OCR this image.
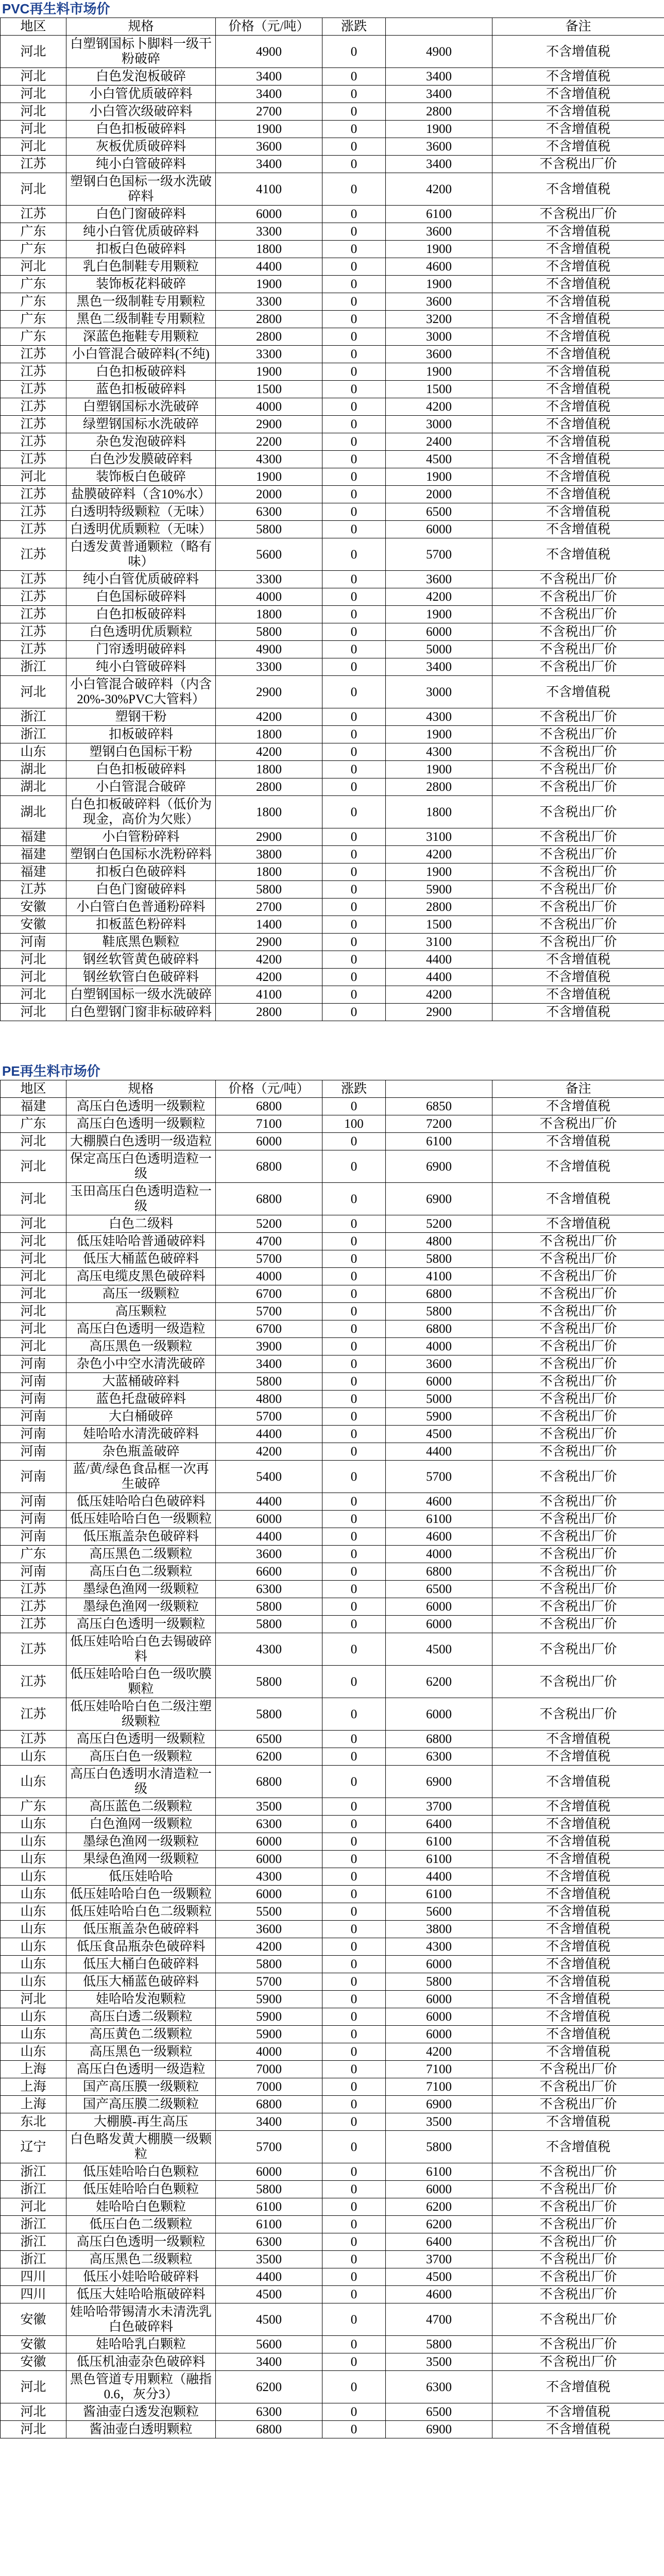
PVC再生料市场价
地区	规格	价格（元/吨）	涨跌		备注
河北	白塑钢国标卜脚料一级干粉破碎	4900	0	4900	不含增值税
河北	白色发泡板破碎	3400	0	3400	不含增值税
河北	小白管优质破碎料	3400	0	3400	不含增值税
河北	小白管次级破碎料	2700	0	2800	不含增值税
河北	白色扣板破碎料	1900	0	1900	不含增值税
河北	灰板优质破碎料	3600	0	3600	不含增值税
江苏	纯小白管破碎料	3400	0	3400	不含税出厂价
河北	塑钢白色国标一级水洗破碎料	4100	0	4200	不含增值税
江苏	白色门窗破碎料	6000	0	6100	不含税出厂价
广东	纯小白管优质破碎料	3300	0	3600	不含增值税
广东	扣板白色破碎料	1800	0	1900	不含增值税
河北	乳白色制鞋专用颗粒	4400	0	4600	不含增值税
广东	装饰板花料破碎	1900	0	1900	不含增值税
广东	黑色一级制鞋专用颗粒	3300	0	3600	不含增值税
广东	黑色二级制鞋专用颗粒	2800	0	3200	不含增值税
广东	深蓝色拖鞋专用颗粒	2800	0	3000	不含增值税
江苏	小白管混合破碎料(不纯)	3300	0	3600	不含增值税
江苏	白色扣板破碎料	1900	0	1900	不含增值税
江苏	蓝色扣板破碎料	1500	0	1500	不含增值税
江苏	白塑钢国标水洗破碎	4000	0	4200	不含增值税
江苏	绿塑钢国标水洗破碎	2900	0	3000	不含增值税
江苏	杂色发泡破碎料	2200	0	2400	不含增值税
江苏	白色沙发膜破碎料	4300	0	4500	不含增值税
河北	装饰板白色破碎	1900	0	1900	不含增值税
江苏	盐膜破碎料（含10%水）	2000	0	2000	不含增值税
江苏	白透明特级颗粒（无味）	6300	0	6500	不含增值税
江苏	白透明优质颗粒（无味）	5800	0	6000	不含增值税
江苏	白透发黄普通颗粒（略有味）	5600	0	5700	不含增值税
江苏	纯小白管优质破碎料	3300	0	3600	不含税出厂价
江苏	白色国标破碎料	4000	0	4200	不含税出厂价
江苏	白色扣板破碎料	1800	0	1900	不含税出厂价
江苏	白色透明优质颗粒	5800	0	6000	不含税出厂价
江苏	门帘透明破碎料	4900	0	5000	不含税出厂价
浙江	纯小白管破碎料	3300	0	3400	不含税出厂价
河北	小白管混合破碎料（内含20%-30%PVC大管料）	2900	0	3000	不含增值税
浙江	塑钢干粉	4200	0	4300	不含税出厂价
浙江	扣板破碎料	1800	0	1900	不含税出厂价
山东	塑钢白色国标干粉	4200	0	4300	不含税出厂价
湖北	白色扣板破碎料	1800	0	1900	不含税出厂价
湖北	小白管混合破碎	2800	0	2800	不含税出厂价
湖北	白色扣板破碎料（低价为现金，高价为欠账）	1800	0	1800	不含税出厂价
福建	小白管粉碎料	2900	0	3100	不含税出厂价
福建	塑钢白色国标水洗粉碎料	3800	0	4200	不含税出厂价
福建	扣板白色破碎料	1800	0	1900	不含税出厂价
江苏	白色门窗破碎料	5800	0	5900	不含税出厂价
安徽	小白管白色普通粉碎料	2700	0	2800	不含税出厂价
安徽	扣板蓝色粉碎料	1400	0	1500	不含税出厂价
河南	鞋底黑色颗粒	2900	0	3100	不含税出厂价
河北	钢丝软管黄色破碎料	4200	0	4400	不含增值税
河北	钢丝软管白色破碎料	4200	0	4400	不含增值税
河北	白塑钢国标一级水洗破碎	4100	0	4200	不含增值税
河北	白色塑钢门窗非标破碎料	2800	0	2900	不含增值税
PE再生料市场价
地区	规格	价格（元/吨）	涨跌		备注
福建	高压白色透明一级颗粒	6800	0	6850	不含增值税
广东	高压白色透明一级颗粒	7100	100	7200	不含税出厂价
河北	大棚膜白色透明一级造粒	6000	0	6100	不含增值税
河北	保定高压白色透明造粒一级	6800	0	6900	不含增值税
河北	玉田高压白色透明造粒一级	6800	0	6900	不含增值税
河北	白色二级料	5200	0	5200	不含增值税
河北	低压娃哈哈普通破碎料	4700	0	4800	不含税出厂价
河北	低压大桶蓝色破碎料	5700	0	5800	不含税出厂价
河北	高压电缆皮黑色破碎料	4000	0	4100	不含税出厂价
河北	高压一级颗粒	6700	0	6800	不含税出厂价
河北	高压颗粒	5700	0	5800	不含税出厂价
河北	高压白色透明一级造粒	6700	0	6800	不含税出厂价
河北	高压黑色一级颗粒	3900	0	4000	不含税出厂价
河南	杂色小中空水清洗破碎	3400	0	3600	不含税出厂价
河南	大蓝桶破碎料	5800	0	6000	不含税出厂价
河南	蓝色托盘破碎料	4800	0	5000	不含税出厂价
河南	大白桶破碎	5700	0	5900	不含税出厂价
河南	娃哈哈水清洗破碎料	4400	0	4500	不含税出厂价
河南	杂色瓶盖破碎	4200	0	4400	不含税出厂价
河南	蓝/黄/绿色食品框一次再生破碎	5400	0	5700	不含税出厂价
河南	低压娃哈哈白色破碎料	4400	0	4600	不含税出厂价
河南	低压娃哈哈白色一级颗粒	6000	0	6100	不含税出厂价
河南	低压瓶盖杂色破碎料	4400	0	4600	不含税出厂价
广东	高压黑色二级颗粒	3600	0	4000	不含税出厂价
河南	高压白色二级颗粒	6600	0	6800	不含税出厂价
江苏	墨绿色渔网一级颗粒	6300	0	6500	不含税出厂价
江苏	墨绿色渔网一级颗粒	5800	0	6000	不含税出厂价
江苏	高压白色透明一级颗粒	5800	0	6000	不含税出厂价
江苏	低压娃哈哈白色去锡破碎料	4300	0	4500	不含税出厂价
江苏	低压娃哈哈白色一级吹膜颗粒	5800	0	6200	不含税出厂价
江苏	低压娃哈哈白色二级注塑级颗粒	5800	0	6000	不含税出厂价
江苏	高压白色透明一级颗粒	6500	0	6800	不含增值税
山东	高压白色一级颗粒	6200	0	6300	不含增值税
山东	高压白色透明水清造粒一级	6800	0	6900	不含增值税
广东	高压蓝色二级颗粒	3500	0	3700	不含增值税
山东	白色渔网一级颗粒	6300	0	6400	不含增值税
山东	墨绿色渔网一级颗粒	6000	0	6100	不含增值税
山东	果绿色渔网一级颗粒	6000	0	6100	不含增值税
山东	低压娃哈哈	4300	0	4400	不含增值税
山东	低压娃哈哈白色一级颗粒	6000	0	6100	不含增值税
山东	低压娃哈哈白色二级颗粒	5500	0	5600	不含增值税
山东	低压瓶盖杂色破碎料	3600	0	3800	不含增值税
山东	低压食品瓶杂色破碎料	4200	0	4300	不含增值税
山东	低压大桶白色破碎料	5800	0	6000	不含增值税
山东	低压大桶蓝色破碎料	5700	0	5800	不含增值税
河北	娃哈哈发泡颗粒	5900	0	6000	不含增值税
山东	高压白透二级颗粒	5900	0	6000	不含增值税
山东	高压黄色二级颗粒	5900	0	6000	不含增值税
山东	高压黑色一级颗粒	4000	0	4200	不含增值税
上海	高压白色透明一级造粒	7000	0	7100	不含税出厂价
上海	国产高压膜一级颗粒	7000	0	7100	不含税出厂价
上海	国产高压膜二级颗粒	6800	0	6900	不含税出厂价
东北	大棚膜-再生高压	3400	0	3500	不含增值税
辽宁	白色略发黄大棚膜一级颗粒	5700	0	5800	不含增值税
浙江	低压娃哈哈白色颗粒	6000	0	6100	不含税出厂价
浙江	低压娃哈哈白色颗粒	5800	0	6000	不含税出厂价
河北	娃哈哈白色颗粒	6100	0	6200	不含税出厂价
浙江	低压白色二级颗粒	6100	0	6200	不含税出厂价
浙江	高压白色透明一级颗粒	6300	0	6400	不含税出厂价
浙江	高压黑色二级颗粒	3500	0	3700	不含税出厂价
四川	低压小娃哈哈破碎料	4400	0	4500	不含税出厂价
四川	低压大娃哈哈瓶破碎料	4500	0	4600	不含税出厂价
安徽	娃哈哈带锡清水未清洗乳白色破碎料	4500	0	4700	不含税出厂价
安徽	娃哈哈乳白颗粒	5600	0	5800	不含税出厂价
安徽	低压机油壶杂色破碎料	3400	0	3500	不含税出厂价
河北	黑色管道专用颗粒（融指0.6，灰分3）	6200	0	6300	不含增值税
河北	酱油壶白透发泡颗粒	6300	0	6500	不含增值税
河北	酱油壶白透明颗粒	6800	0	6900	不含增值税
